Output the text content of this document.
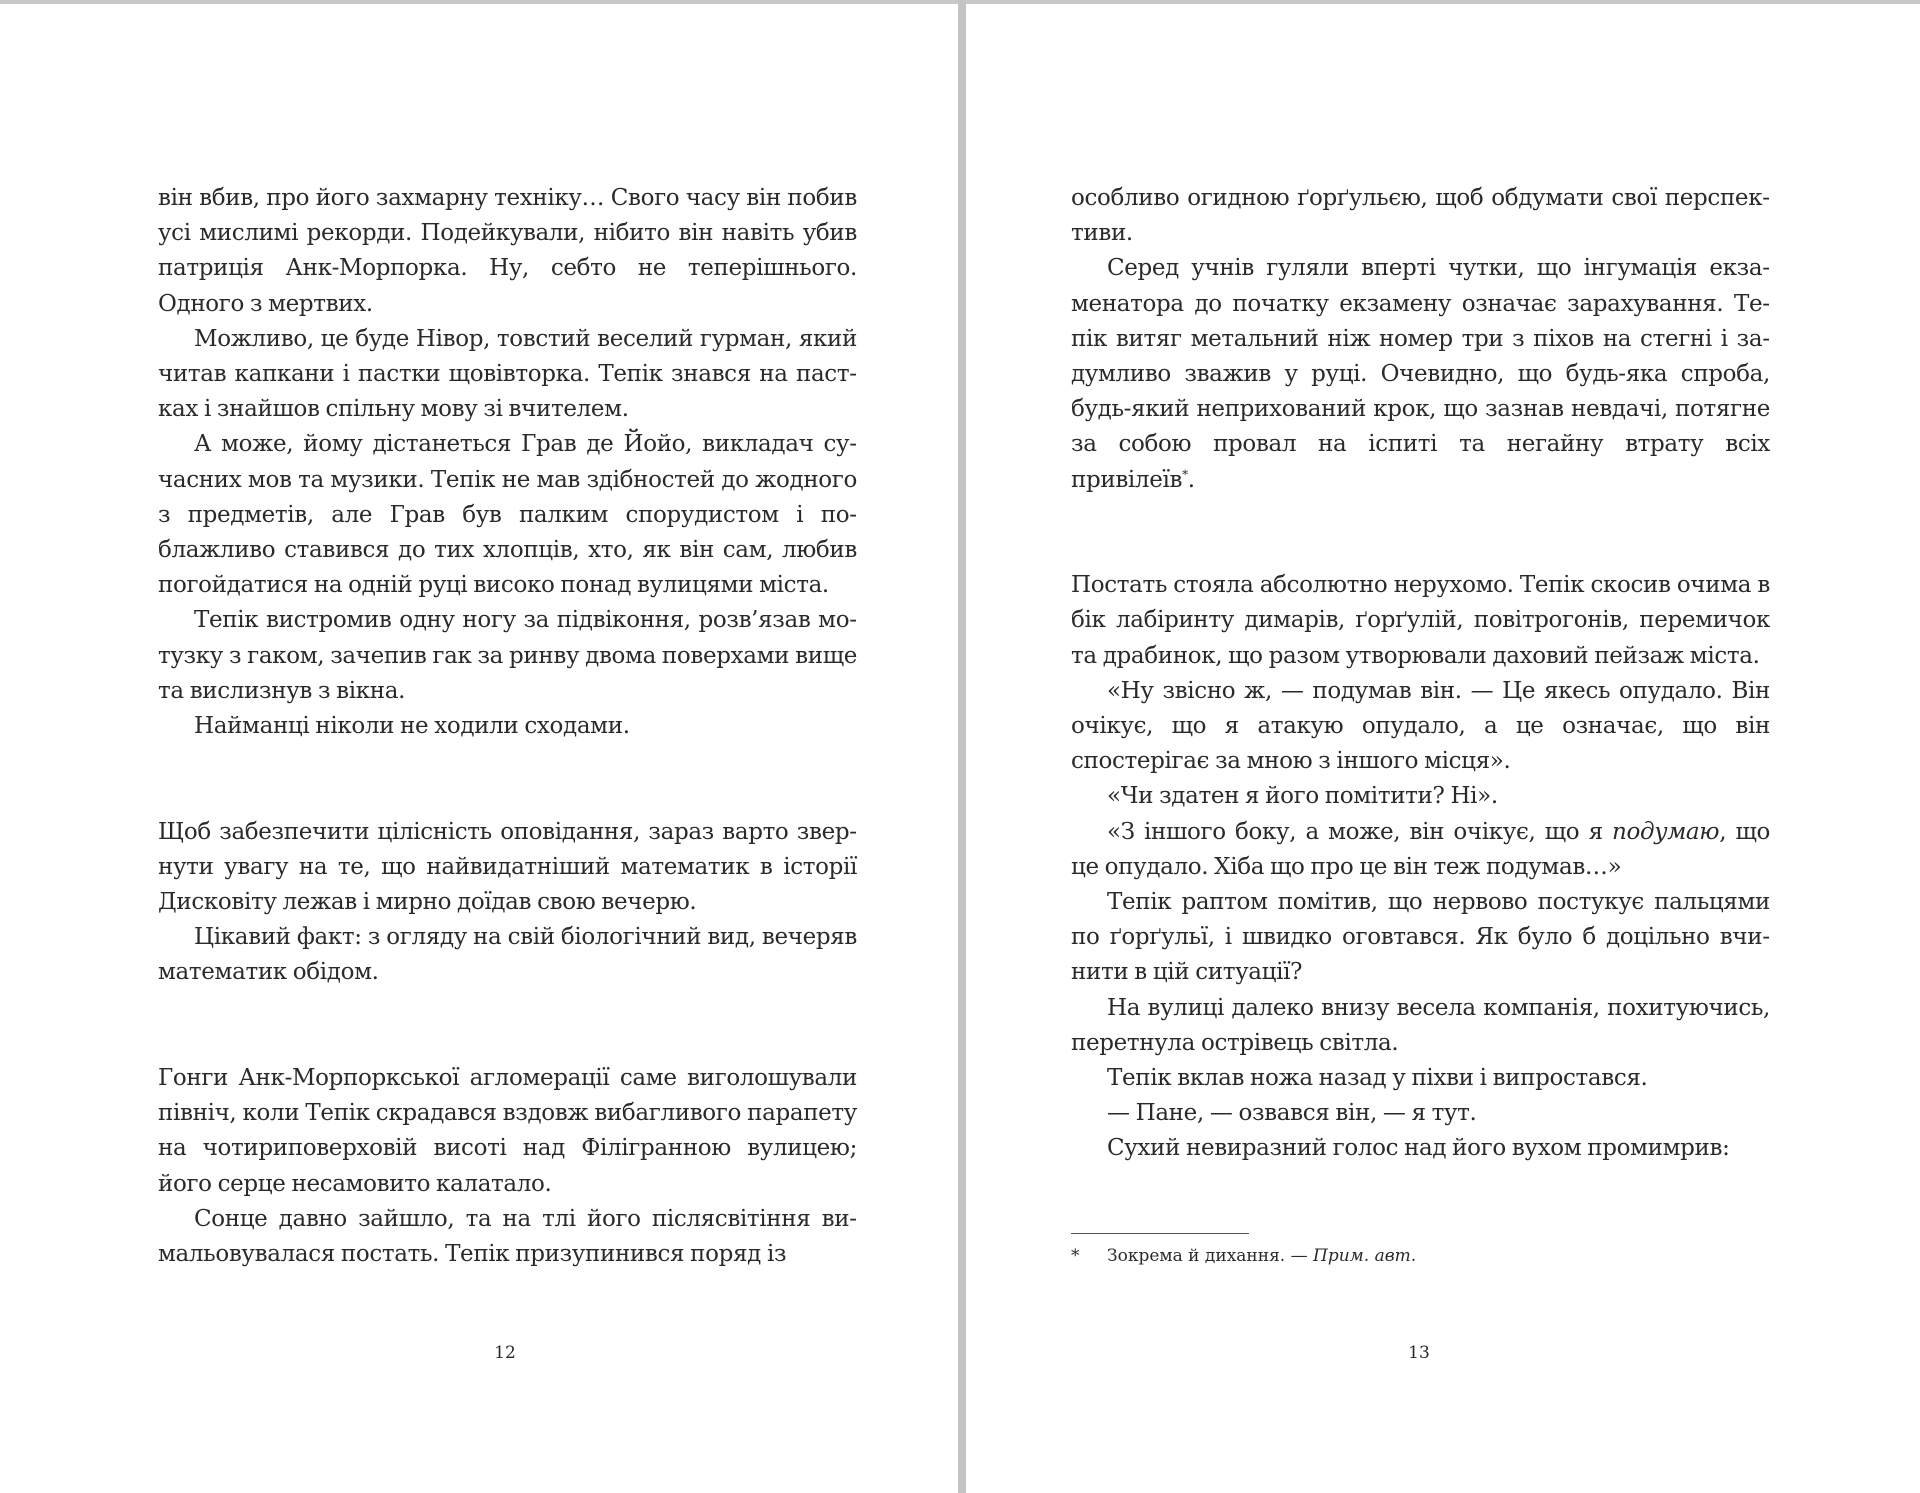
він вбив, про його захмарну техніку… Свого часу він побив усі мислимі рекорди. Подейкували, нібито він навіть убив патриція Анк-Морпорка. Ну, себто не теперішнього. Одного з мертвих.

Можливо, це буде Нівор, товстий веселий гурман, який читав капкани і пастки щовівторка. Тепік знався на пастках і знайшов спільну мову зі вчителем.

А може, йому дістанеться Грав де Йойо, викладач сучасних мов та музики. Тепік не мав здібностей до жодного з предметів, але Грав був палким спорудистом і поблажливо ставився до тих хлопців, хто, як він сам, любив погойдатися на одній руці високо понад вулицями міста.

Тепік вистромив одну ногу за підвіконня, розв’язав мотузку з гаком, зачепив гак за ринву двома поверхами вище та вислизнув з вікна.

Найманці ніколи не ходили сходами.

Щоб забезпечити цілісність оповідання, зараз варто звернути увагу на те, що найвидатніший математик в історії Дисковіту лежав і мирно доїдав свою вечерю.

Цікавий факт: з огляду на свій біологічний вид, вечеряв математик обідом.

Гонги Анк-Морпоркської агломерації саме виголошували північ, коли Тепік скрадався вздовж вибагливого парапету на чотириповерховій висоті над Філігранною вулицею; його серце несамовито калатало.

Сонце давно зайшло, та на тлі його післясвітіння вимальовувалася постать. Тепік призупинився поряд із

12

особливо огидною ґорґульєю, щоб обдумати свої перспективи.

Серед учнів гуляли вперті чутки, що інгумація екзаменатора до початку екзамену означає зарахування. Тепік витяг метальний ніж номер три з піхов на стегні і задумливо зважив у руці. Очевидно, що будь-яка спроба, будь-який неприхований крок, що зазнав невдачі, потягне за собою провал на іспиті та негайну втрату всіх привілеїв*.

Постать стояла абсолютно нерухомо. Тепік скосив очима в бік лабіринту димарів, ґорґулій, повітрогонів, перемичок та драбинок, що разом утворювали даховий пейзаж міста.

«Ну звісно ж, — подумав він. — Це якесь опудало. Він очікує, що я атакую опудало, а це означає, що він спостерігає за мною з іншого місця».

«Чи здатен я його помітити? Ні».

«З іншого боку, а може, він очікує, що я подумаю, що це опудало. Хіба що про це він теж подумав…»

Тепік раптом помітив, що нервово постукує пальцями по ґорґульї, і швидко оговтався. Як було б доцільно вчинити в цій ситуації?

На вулиці далеко внизу весела компанія, похитуючись, перетнула острівець світла.

Тепік вклав ножа назад у піхви і випростався.

— Пане, — озвався він, — я тут.

Сухий невиразний голос над його вухом промимрив:

* Зокрема й дихання. — Прим. авт.
13
